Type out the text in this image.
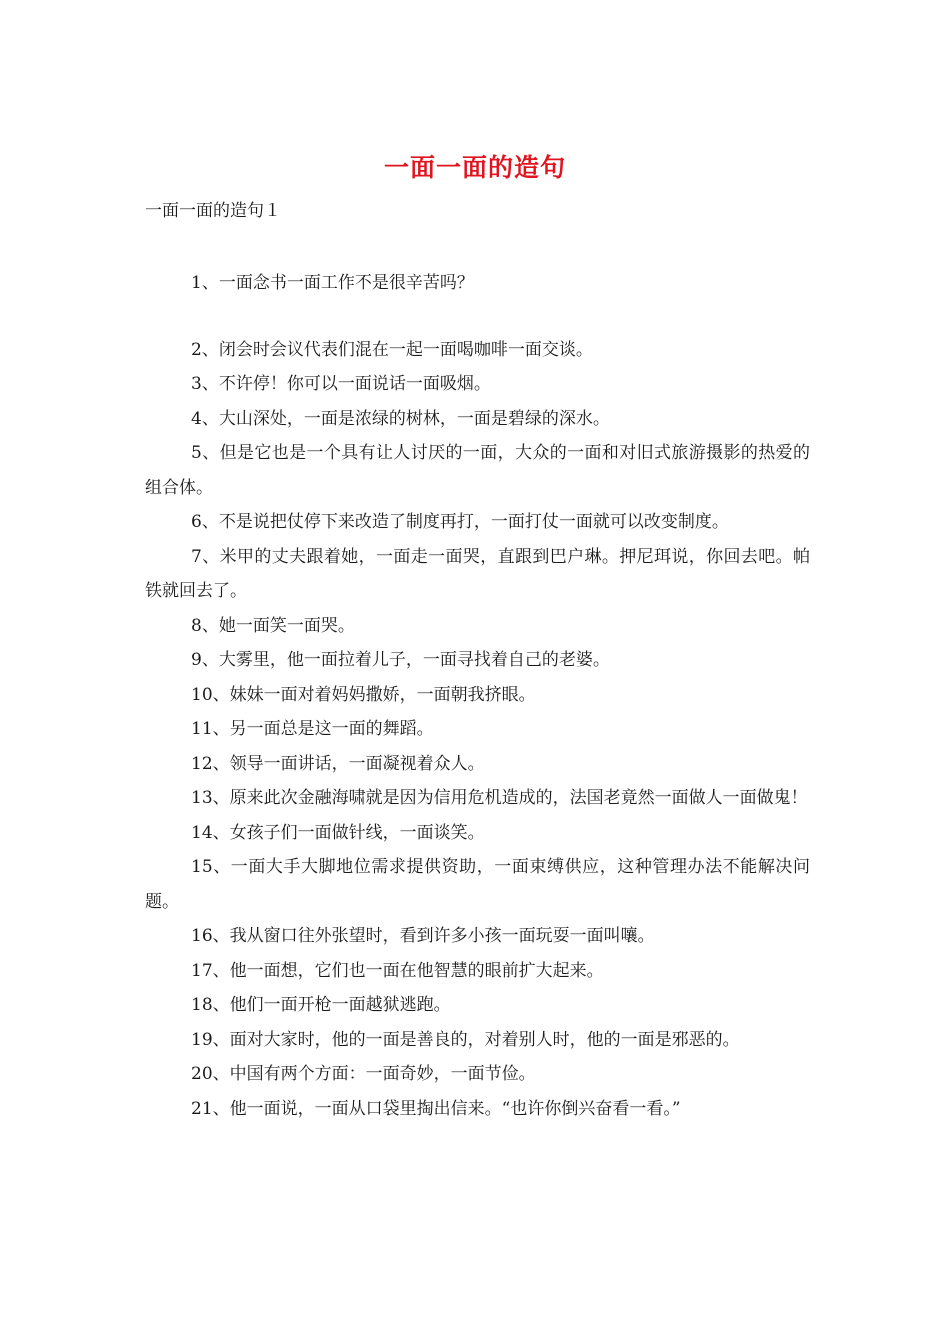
一面一面的造句
一面一面的造句１

1、一面念书一面工作不是很辛苦吗？

2、闭会时会议代表们混在一起一面喝咖啡一面交谈。

3、不许停！你可以一面说话一面吸烟。

4、大山深处，一面是浓绿的树林，一面是碧绿的深水。

5、但是它也是一个具有让人讨厌的一面，大众的一面和对旧式旅游摄影的热爱的组合体。

6、不是说把仗停下来改造了制度再打，一面打仗一面就可以改变制度。

7、米甲的丈夫跟着她，一面走一面哭，直跟到巴户琳。押尼珥说，你回去吧。帕铁就回去了。

8、她一面笑一面哭。

9、大雾里，他一面拉着儿子，一面寻找着自己的老婆。

10、妹妹一面对着妈妈撒娇，一面朝我挤眼。

11、另一面总是这一面的舞蹈。

12、领导一面讲话，一面凝视着众人。

13、原来此次金融海啸就是因为信用危机造成的，法国老竟然一面做人一面做鬼！

14、女孩子们一面做针线，一面谈笑。

15、一面大手大脚地位需求提供资助，一面束缚供应，这种管理办法不能解决问题。

16、我从窗口往外张望时，看到许多小孩一面玩耍一面叫嚷。

17、他一面想，它们也一面在他智慧的眼前扩大起来。

18、他们一面开枪一面越狱逃跑。

19、面对大家时，他的一面是善良的，对着别人时，他的一面是邪恶的。

20、中国有两个方面：一面奇妙，一面节俭。

21、他一面说，一面从口袋里掏出信来。“也许你倒兴奋看一看。”
